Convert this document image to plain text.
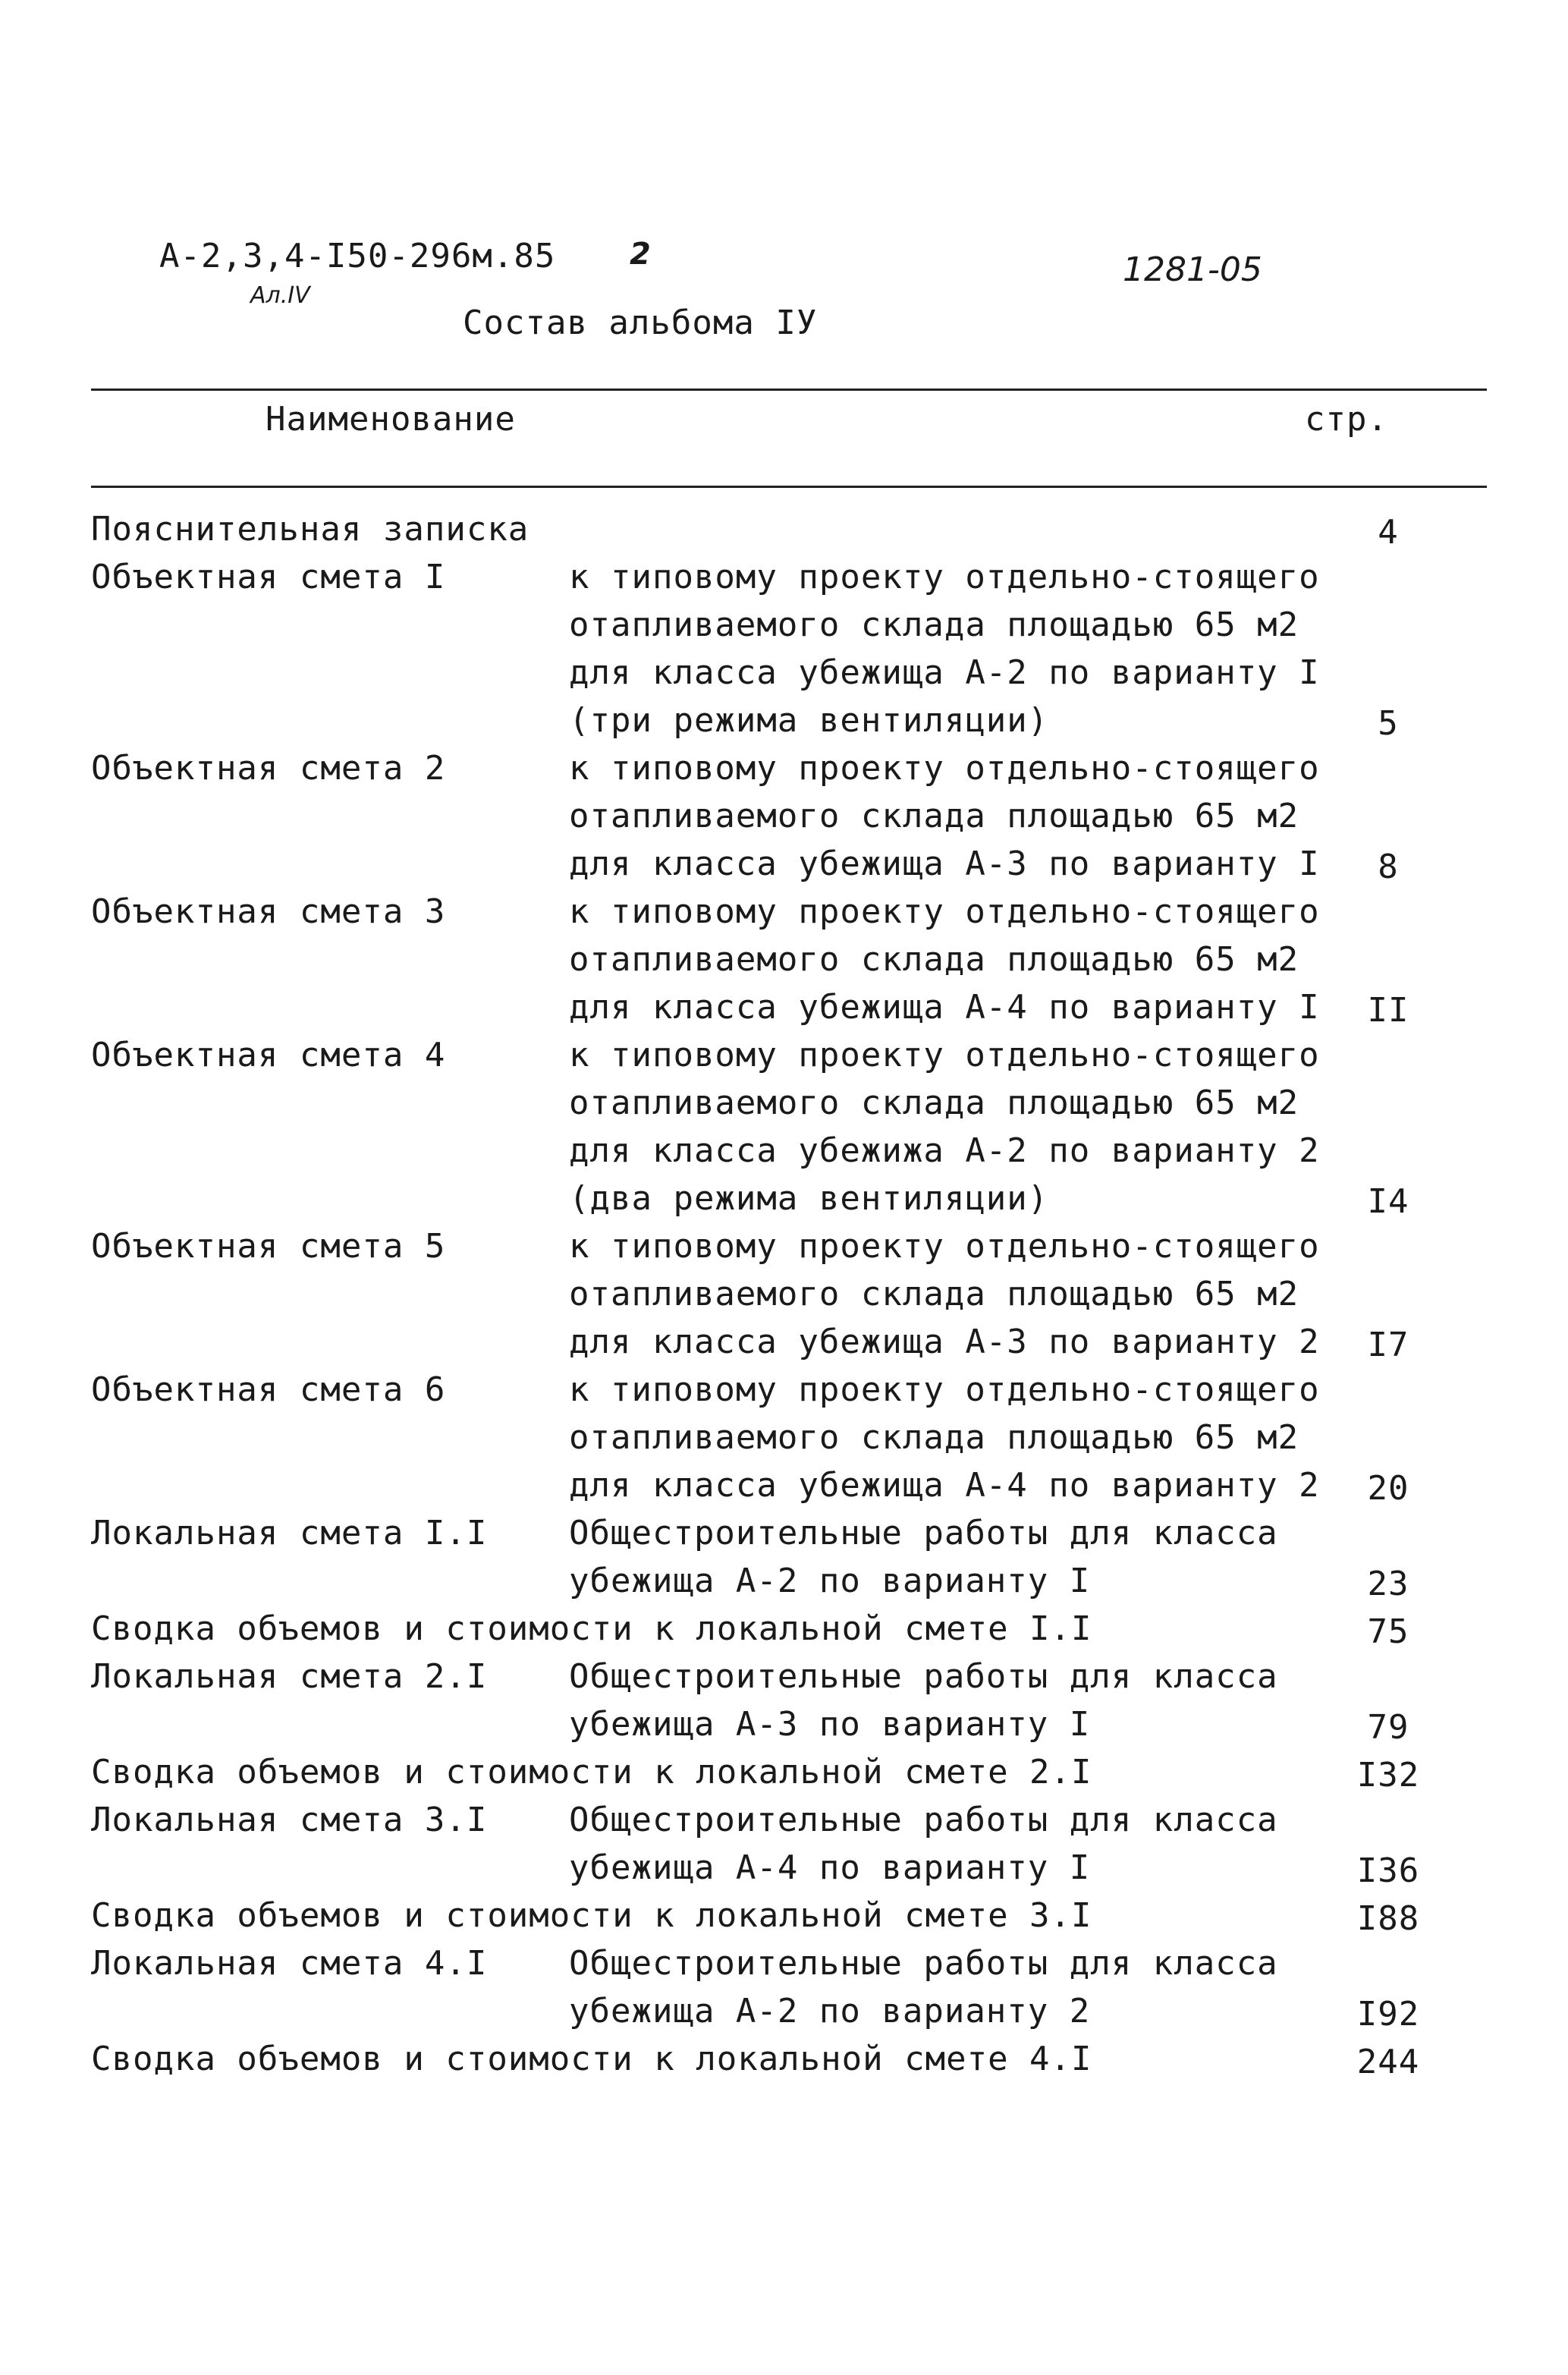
А-2,3,4-I50-296м.85 2	1281-05
Ал.IV
Состав альбома IУ
Наименование	стр.
Пояснительная записка	4
Объектная смета I	к типовому проекту отдельно-стоящего
отапливаемого склада площадью 65 м2
для класса убежища А-2 по варианту I
(три режима вентиляции)	5
Объектная смета 2	к типовому проекту отдельно-стоящего
отапливаемого склада площадью 65 м2
для класса убежища А-3 по варианту I	8
Объектная смета 3	к типовому проекту отдельно-стоящего
отапливаемого склада площадью 65 м2
для класса убежища А-4 по варианту I	II
Объектная смета 4	к типовому проекту отдельно-стоящего
отапливаемого склада площадью 65 м2
для класса убежижа А-2 по варианту 2
(два режима вентиляции)	I4
Объектная смета 5	к типовому проекту отдельно-стоящего
отапливаемого склада площадью 65 м2
для класса убежища А-3 по варианту 2	I7
Объектная смета 6	к типовому проекту отдельно-стоящего
отапливаемого склада площадью 65 м2
для класса убежища А-4 по варианту 2	20
Локальная смета I.I Общестроительные работы для класса
убежища А-2 по варианту I	23
Сводка объемов и стоимости к локальной смете I.I	75
Локальная смета 2.I Общестроительные работы для класса
убежища А-3 по варианту I	79
Сводка объемов и стоимости к локальной смете 2.I	I32
Локальная смета 3.I Общестроительные работы для класса
убежища А-4 по варианту I	I36
Сводка объемов и стоимости к локальной смете 3.I	I88
Локальная смета 4.I Общестроительные работы для класса
убежища А-2 по варианту 2	I92
Сводка объемов и стоимости к локальной смете 4.I	244
